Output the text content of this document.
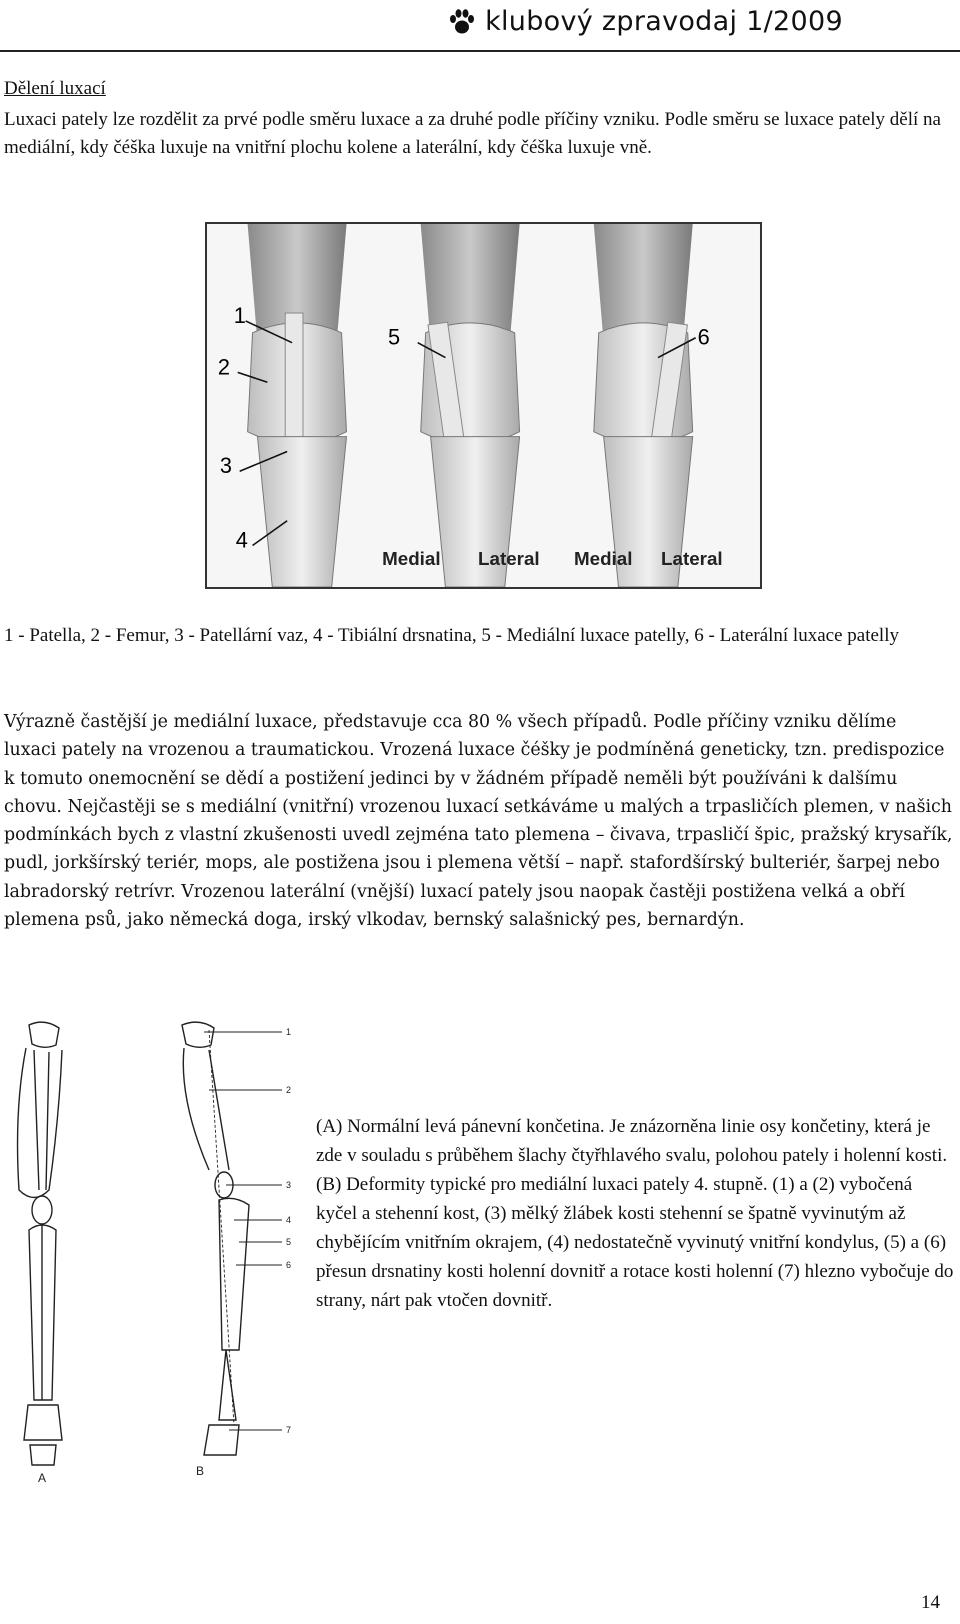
klubový zpravodaj 1/2009
Dělení luxací
Luxaci pately lze rozdělit za prvé podle směru luxace a za druhé podle příčiny vzniku. Podle směru se luxace pately dělí na mediální, kdy čéška luxuje na vnitřní plochu kolene a laterální, kdy čéška luxuje vně.
1
2
3
4
5	6
Medial Lateral Medial Lateral
1 - Patella, 2 - Femur, 3 - Patellární vaz, 4 - Tibiální drsnatina, 5 - Mediální luxace patelly, 6 - Laterální luxace patelly
Výrazně častější je mediální luxace, představuje cca 80 % všech případů. Podle příčiny vzniku dělíme luxaci pately na vrozenou a traumatickou. Vrozená luxace čéšky je podmíněná geneticky, tzn. predispozice k tomuto onemocnění se dědí a postižení jedinci by v žádném případě neměli být používáni k dalšímu chovu. Nejčastěji se s mediální (vnitřní) vrozenou luxací setkáváme u malých a trpasličích plemen, v našich podmínkách bych z vlastní zkušenosti uvedl zejména tato plemena – čivava, trpasličí špic, pražský krysařík, pudl, jorkšírský teriér, mops, ale postižena jsou i plemena větší – např. stafordšírský bulteriér, šarpej nebo labradorský retrívr. Vrozenou laterální (vnější) luxací pately jsou naopak častěji postižena velká a obří plemena psů, jako německá doga, irský vlkodav, bernský salašnický pes, bernardýn.
1
2
3
4
5
6
7
A	B
(A) Normální levá pánevní končetina. Je znázorněna linie osy končetiny, která je zde v souladu s průběhem šlachy čtyřhlavého svalu, polohou pately i holenní kosti. (B) Deformity typické pro mediální luxaci pately 4. stupně. (1) a (2) vybočená kyčel a stehenní kost, (3) mělký žlábek kosti stehenní se špatně vyvinutým až chybějícím vnitřním okrajem, (4) nedostatečně vyvinutý vnitřní kondylus, (5) a (6) přesun drsnatiny kosti holenní dovnitř a rotace kosti holenní (7) hlezno vybočuje do strany, nárt pak vtočen dovnitř.
14
